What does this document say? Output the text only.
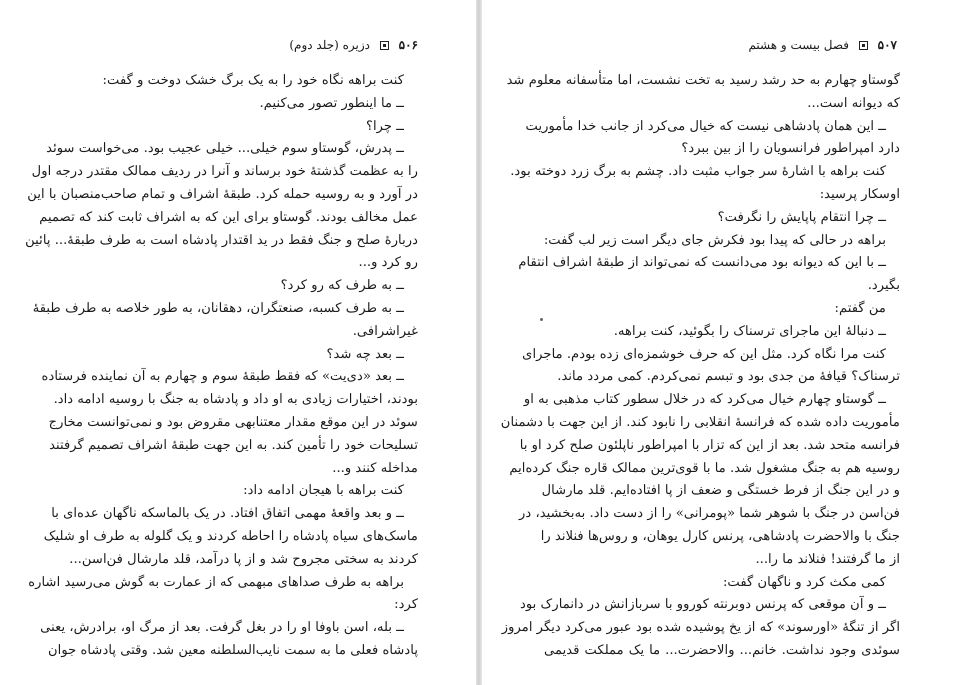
۵۰۶  دزیره (جلد دوم)
کنت براهه نگاه خود را به یک برگ خشک دوخت و گفت:
ــ ما اینطور تصور می‌کنیم.
ــ چرا؟
ــ پدرش، گوستاو سوم خیلی... خیلی عجیب بود. می‌خواست سوئد
را به عظمت گذشتهٔ خود برساند و آنرا در ردیف ممالک مقتدر درجه اول
در آورد و به روسیه حمله کرد. طبقهٔ اشراف و تمام صاحب‌منصبان با این
عمل مخالف بودند. گوستاو برای این که به اشراف ثابت کند که تصمیم
دربارهٔ صلح و جنگ فقط در ید اقتدار پادشاه است به طرف طبقهٔ... پائین
رو کرد و...
ــ به طرف که رو کرد؟
ــ به طرف کسبه، صنعتگران، دهقانان، به طور خلاصه به طرف طبقهٔ
غیراشرافی.
ــ بعد چه شد؟
ــ بعد «دی‌یت» که فقط طبقهٔ سوم و چهارم به آن نماینده فرستاده
بودند، اختیارات زیادی به او داد و پادشاه به جنگ با روسیه ادامه داد.
سوئد در این موقع مقدار معتنابهی مقروض بود و نمی‌توانست مخارج
تسلیحات خود را تأمین کند. به این جهت طبقهٔ اشراف تصمیم گرفتند
مداخله کنند و...
کنت براهه با هیجان ادامه داد:
ــ و بعد واقعهٔ مهمی اتفاق افتاد. در یک بالماسکه ناگهان عده‌ای با
ماسک‌های سیاه پادشاه را احاطه کردند و یک گلوله به طرف او شلیک
کردند به سختی مجروح شد و از پا درآمد، قلد مارشال فن‌اسن...
براهه به طرف صداهای مبهمی که از عمارت به گوش می‌رسید اشاره
کرد:
ــ بله، اسن باوفا او را در بغل گرفت. بعد از مرگ او، برادرش، یعنی
پادشاه فعلی ما به سمت نایب‌السلطنه معین شد. وقتی پادشاه جوان
۵۰۷  فصل بیست و هشتم
گوستاو چهارم به حد رشد رسید به تخت نشست، اما متأسفانه معلوم شد
که دیوانه است...
ــ این همان پادشاهی نیست که خیال می‌کرد از جانب خدا مأموریت
دارد امپراطور فرانسویان را از بین ببرد؟
کنت براهه با اشارهٔ سر جواب مثبت داد. چشم به برگ زرد دوخته بود.
اوسکار پرسید:
ــ چرا انتقام پاپایش را نگرفت؟
براهه در حالی که پیدا بود فکرش جای دیگر است زیر لب گفت:
ــ با این که دیوانه بود می‌دانست که نمی‌تواند از طبقهٔ اشراف انتقام
بگیرد.
من گفتم:
ــ دنبالهٔ این ماجرای ترسناک را بگوئید، کنت براهه.
کنت مرا نگاه کرد. مثل این که حرف خوشمزه‌ای زده بودم. ماجرای
ترسناک؟ قیافهٔ من جدی بود و تبسم نمی‌کردم. کمی مردد ماند.
ــ گوستاو چهارم خیال می‌کرد که در خلال سطور کتاب مذهبی به او
مأموریت داده شده که فرانسهٔ انقلابی را نابود کند. از این جهت با دشمنان
فرانسه متحد شد. بعد از این که تزار با امپراطور ناپلئون صلح کرد او با
روسیه هم به جنگ مشغول شد. ما با قوی‌ترین ممالک قاره جنگ کرده‌ایم
و در این جنگ از فرط خستگی و ضعف از پا افتاده‌ایم. قلد مارشال
فن‌اسن در جنگ با شوهر شما «پومرانی» را از دست داد. به‌بخشید، در
جنگ با والاحضرت پادشاهی، پرنس کارل یوهان، و روس‌ها فنلاند را
از ما گرفتند! فنلاند ما را...
کمی مکث کرد و ناگهان گفت:
ــ و آن موقعی که پرنس دوبرنته کوروو با سربازانش در دانمارک بود
اگر از تنگهٔ «اورسوند» که از یخ پوشیده شده بود عبور می‌کرد دیگر امروز
سوئدی وجود نداشت. خانم... والاحضرت... ما یک مملکت قدیمی
